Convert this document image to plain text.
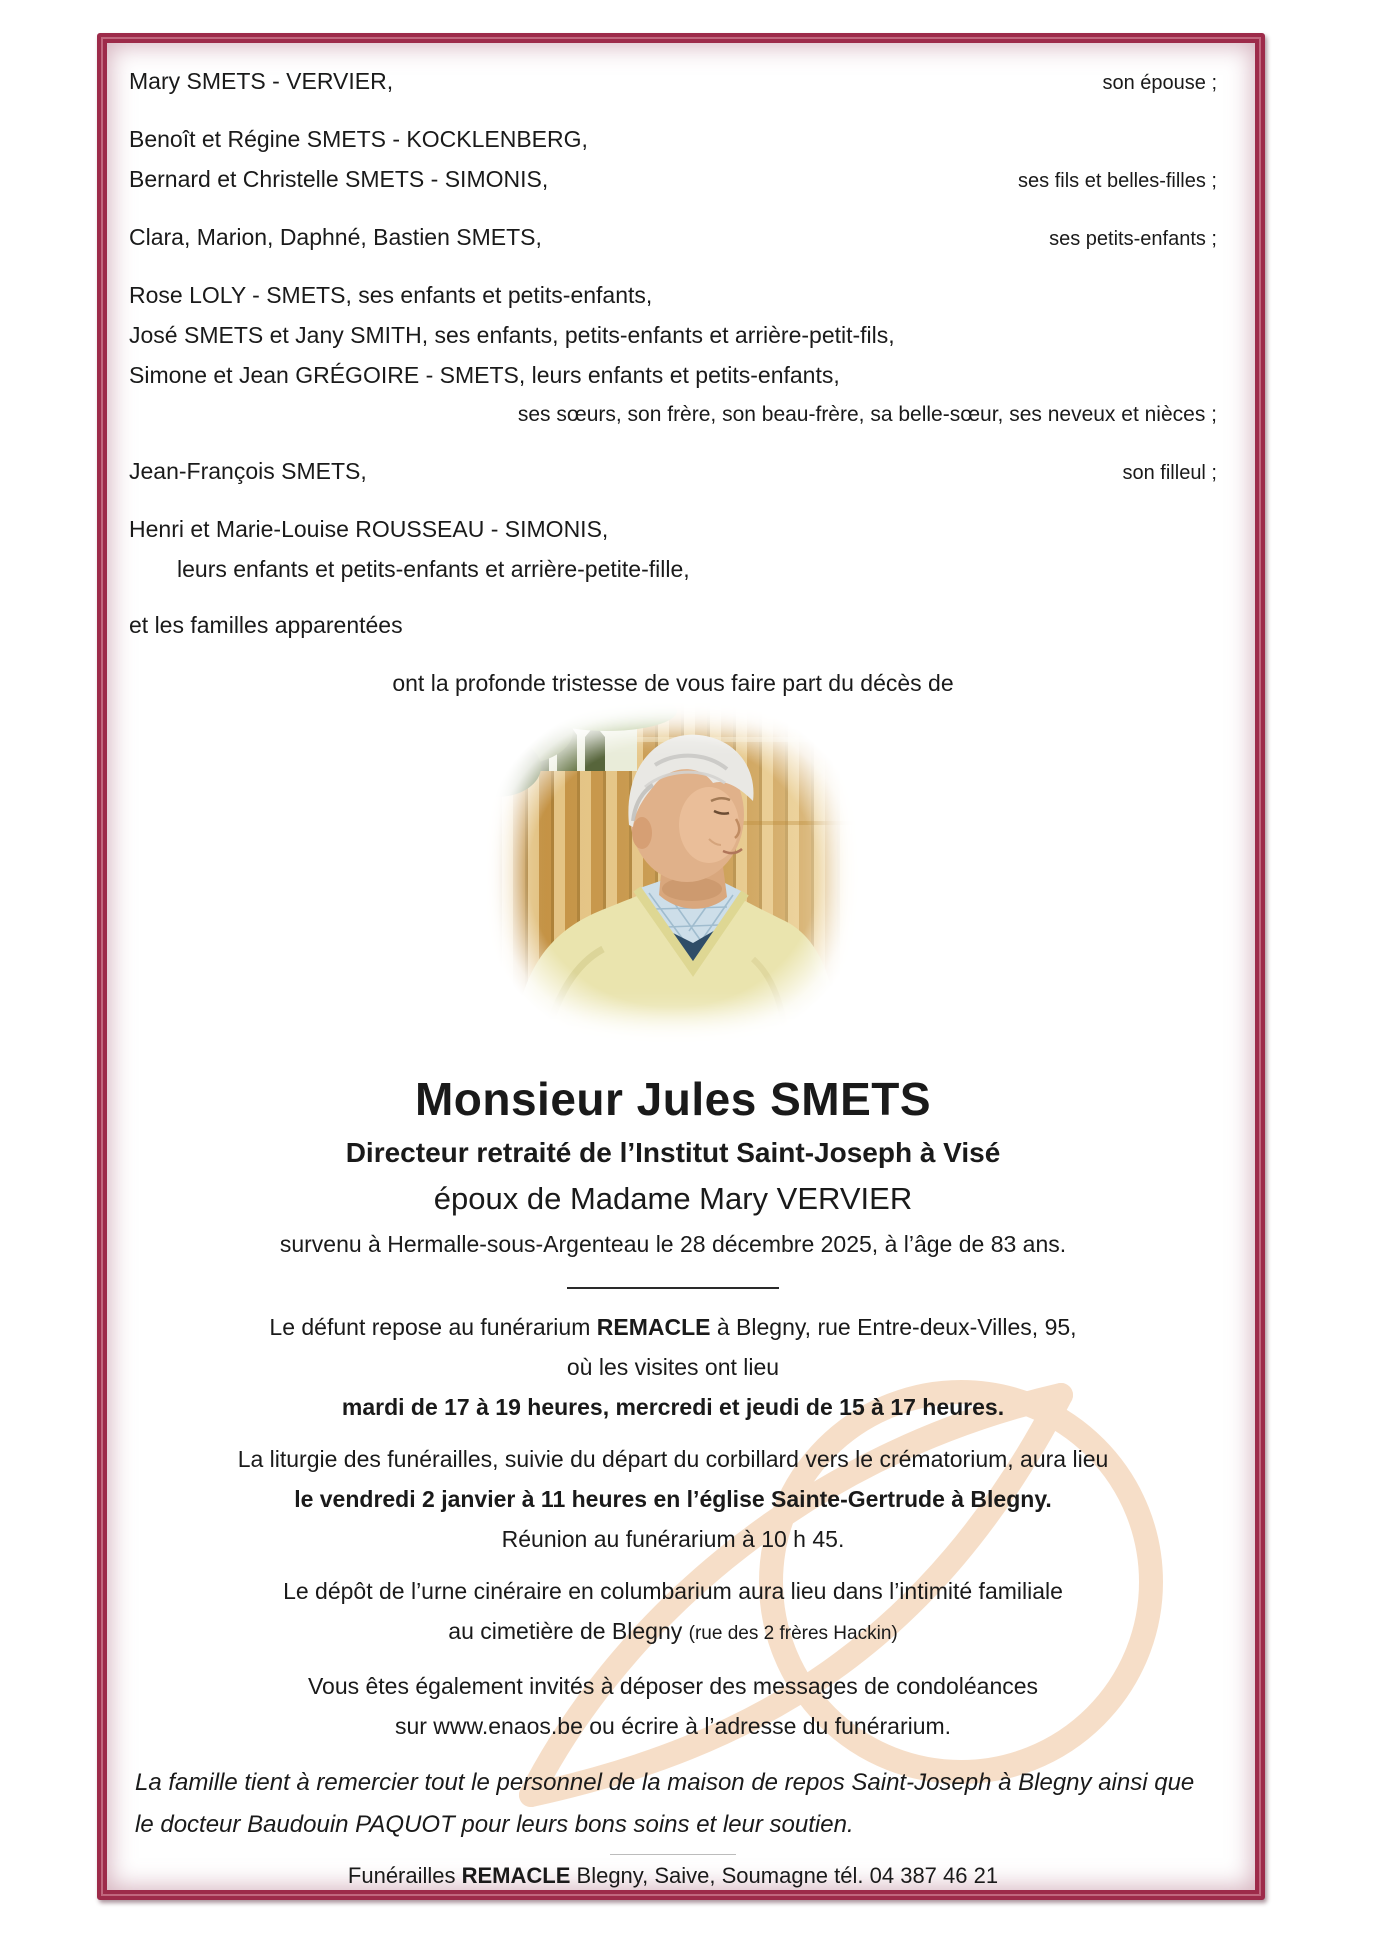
Mary SMETS - VERVIER,	son épouse ;
Benoît et Régine SMETS - KOCKLENBERG,
Bernard et Christelle SMETS - SIMONIS,	ses fils et belles-filles ;
Clara, Marion, Daphné, Bastien SMETS,	ses petits-enfants ;
Rose LOLY - SMETS, ses enfants et petits-enfants,
José SMETS et Jany SMITH, ses enfants, petits-enfants et arrière-petit-fils,
Simone et Jean GRÉGOIRE - SMETS, leurs enfants et petits-enfants,
ses sœurs, son frère, son beau-frère, sa belle-sœur, ses neveux et nièces ;
Jean-François SMETS,	son filleul ;
Henri et Marie-Louise ROUSSEAU - SIMONIS,
leurs enfants et petits-enfants et arrière-petite-fille,
et les familles apparentées
ont la profonde tristesse de vous faire part du décès de
Monsieur Jules SMETS
Directeur retraité de l’Institut Saint-Joseph à Visé
époux de Madame Mary VERVIER
survenu à Hermalle-sous-Argenteau le 28 décembre 2025, à l’âge de 83 ans.
Le défunt repose au funérarium REMACLE à Blegny, rue Entre-deux-Villes, 95,
où les visites ont lieu
mardi de 17 à 19 heures, mercredi et jeudi de 15 à 17 heures.
La liturgie des funérailles, suivie du départ du corbillard vers le crématorium, aura lieu
le vendredi 2 janvier à 11 heures en l’église Sainte-Gertrude à Blegny.
Réunion au funérarium à 10 h 45.
Le dépôt de l’urne cinéraire en columbarium aura lieu dans l’intimité familiale
au cimetière de Blegny (rue des 2 frères Hackin)
Vous êtes également invités à déposer des messages de condoléances
sur www.enaos.be ou écrire à l’adresse du funérarium.
La famille tient à remercier tout le personnel de la maison de repos Saint-Joseph à Blegny ainsi que le docteur Baudouin PAQUOT pour leurs bons soins et leur soutien.
Funérailles REMACLE Blegny, Saive, Soumagne tél. 04 387 46 21
